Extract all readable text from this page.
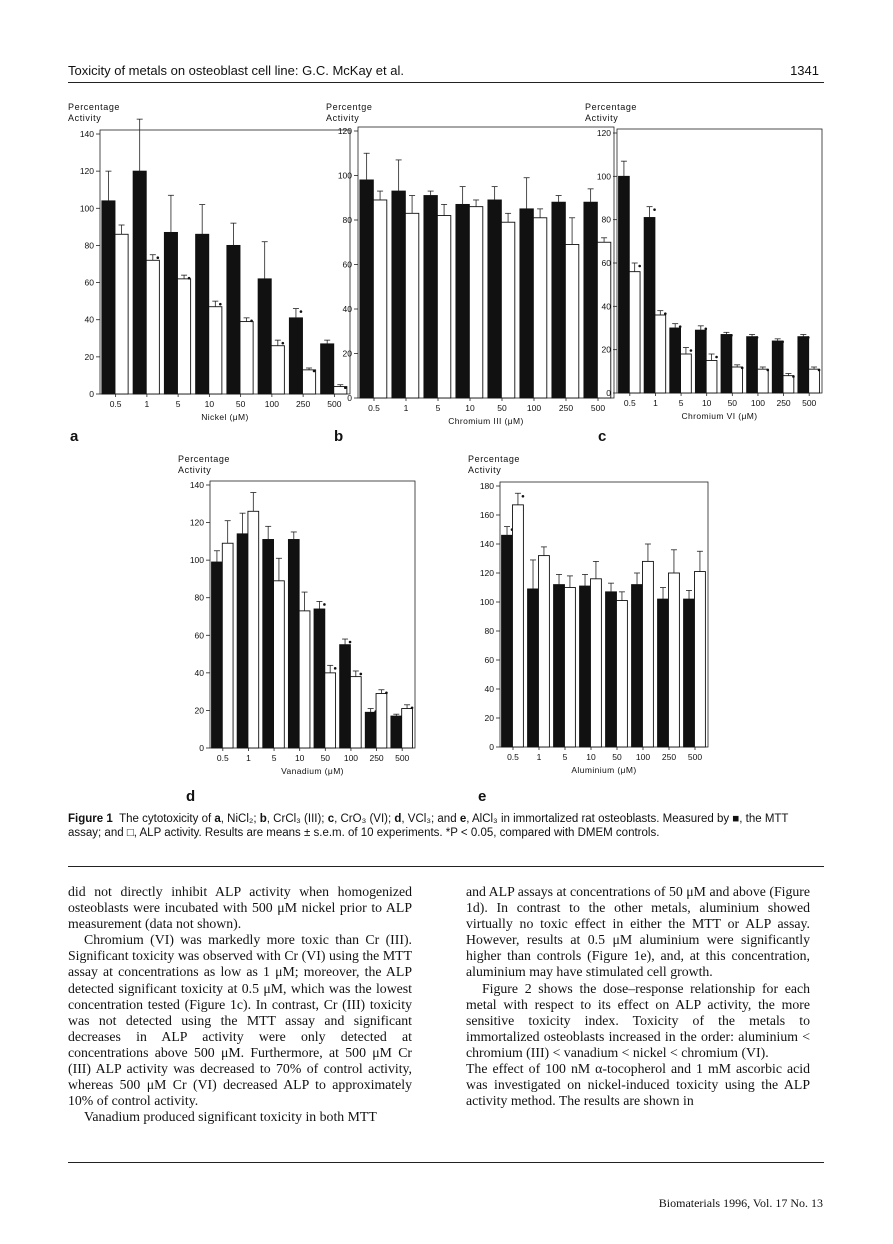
Toxicity of metals on osteoblast cell line: G.C. McKay et al.	1341
Percentage
Activity
0
20
40
60
80
100
120
140
0.5	1	5	10	50 100 250 500
Nickel (μM)
Percentge
Activity
0
20
40
60
80
100
120
0.5	1	5	10	50 100 250 500
Chromium III (μM)
Percentage
Activity
0
20
40
60
80
100
120
0.5 1 5 10 50 100 250 500
Chromium VI (μM)
Percentage
Activity
0
20
40
60
80
100
120
140
0.5 1 5 10 50 100 250 500
Vanadium (μM)
Percentage
Activity
0
20
40
60
80
100
120
140
160
180
0.5 1	5 10 50 100 250 500
Aluminium (μM)
a	b	c
d	e
Figure 1 The cytotoxicity of a, NiCl₂; b, CrCl₃ (III); c, CrO₃ (VI); d, VCl₃; and e, AlCl₃ in immortalized rat osteoblasts. Measured by ■, the MTT assay; and □, ALP activity. Results are means ± s.e.m. of 10 experiments. *P < 0.05, compared with DMEM controls.

did not directly inhibit ALP activity when homogenized osteoblasts were incubated with 500 μM nickel prior to ALP measurement (data not shown).

Chromium (VI) was markedly more toxic than Cr (III). Significant toxicity was observed with Cr (VI) using the MTT assay at concentrations as low as 1 μM; moreover, the ALP detected significant toxicity at 0.5 μM, which was the lowest concentration tested (Figure 1c). In contrast, Cr (III) toxicity was not detected using the MTT assay and significant decreases in ALP activity were only detected at concentrations above 500 μM. Furthermore, at 500 μM Cr (III) ALP activity was decreased to 70% of control activity, whereas 500 μM Cr (VI) decreased ALP to approximately 10% of control activity.

Vanadium produced significant toxicity in both MTT

and ALP assays at concentrations of 50 μM and above (Figure 1d). In contrast to the other metals, aluminium showed virtually no toxic effect in either the MTT or ALP assay. However, results at 0.5 μM aluminium were significantly higher than controls (Figure 1e), and, at this concentration, aluminium may have stimulated cell growth.

Figure 2 shows the dose–response relationship for each metal with respect to its effect on ALP activity, the more sensitive toxicity index. Toxicity of the metals to immortalized osteoblasts increased in the order: aluminium < chromium (III) < vanadium < nickel < chromium (VI).

The effect of 100 nM α-tocopherol and 1 mM ascorbic acid was investigated on nickel-induced toxicity using the ALP activity method. The results are shown in

Biomaterials 1996, Vol. 17 No. 13
